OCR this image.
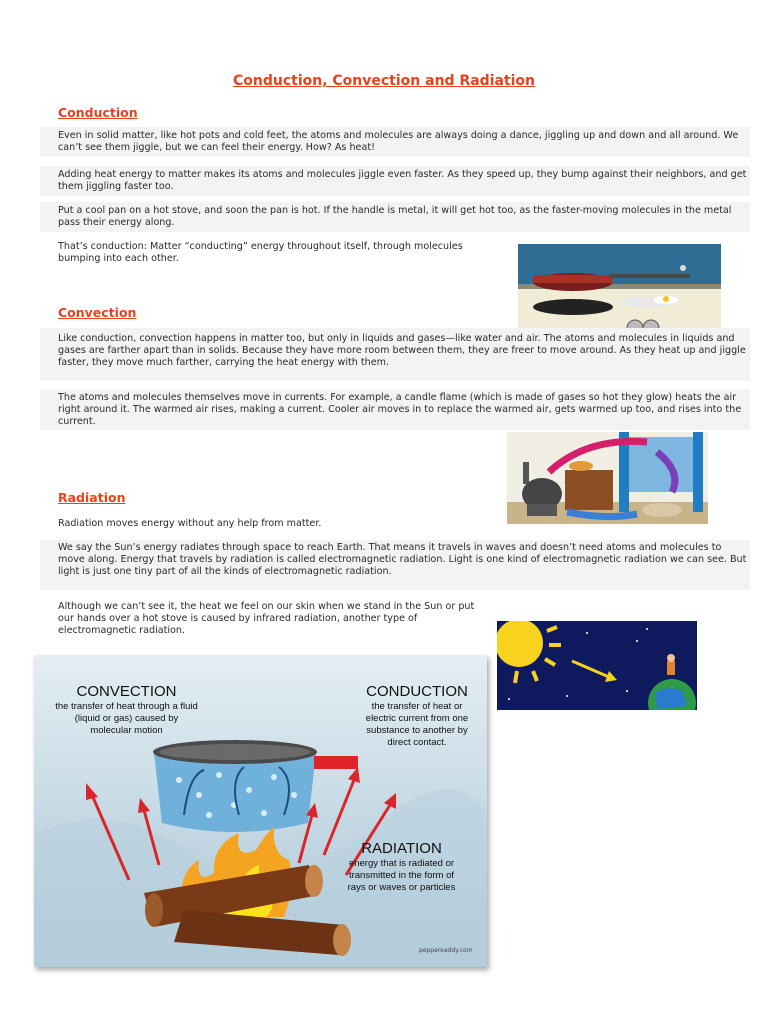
Conduction, Convection and Radiation
Conduction
Even in solid matter, like hot pots and cold feet, the atoms and molecules are always doing a dance, jiggling up and down and all around. We can’t see them jiggle, but we can feel their energy. How? As heat!
Adding heat energy to matter makes its atoms and molecules jiggle even faster. As they speed up, they bump against their neighbors, and get them jiggling faster too.
Put a cool pan on a hot stove, and soon the pan is hot. If the handle is metal, it will get hot too, as the faster-moving molecules in the metal pass their energy along.
That’s conduction: Matter “conducting” energy throughout itself, through molecules bumping into each other.
Convection
Like conduction, convection happens in matter too, but only in liquids and gases—like water and air. The atoms and molecules in liquids and gases are farther apart than in solids. Because they have more room between them, they are freer to move around. As they heat up and jiggle faster, they move much farther, carrying the heat energy with them.
The atoms and molecules themselves move in currents. For example, a candle flame (which is made of gases so hot they glow) heats the air right around it. The warmed air rises, making a current. Cooler air moves in to replace the warmed air, gets warmed up too, and rises into the current.
Radiation
Radiation moves energy without any help from matter.
We say the Sun’s energy radiates through space to reach Earth. That means it travels in waves and doesn’t need atoms and molecules to move along. Energy that travels by radiation is called electromagnetic radiation. Light is one kind of electromagnetic radiation we can see. But light is just one tiny part of all the kinds of electromagnetic radiation.
Although we can’t see it, the heat we feel on our skin when we stand in the Sun or put our hands over a hot stove is caused by infrared radiation, another type of electromagnetic radiation.
CONVECTION
the transfer of heat through a fluid (liquid or gas) caused by molecular motion
CONDUCTION
the transfer of heat or electric current from one substance to another by direct contact.
RADIATION
energy that is radiated or transmitted in the form of rays or waves or particles
peppereaddy.com
